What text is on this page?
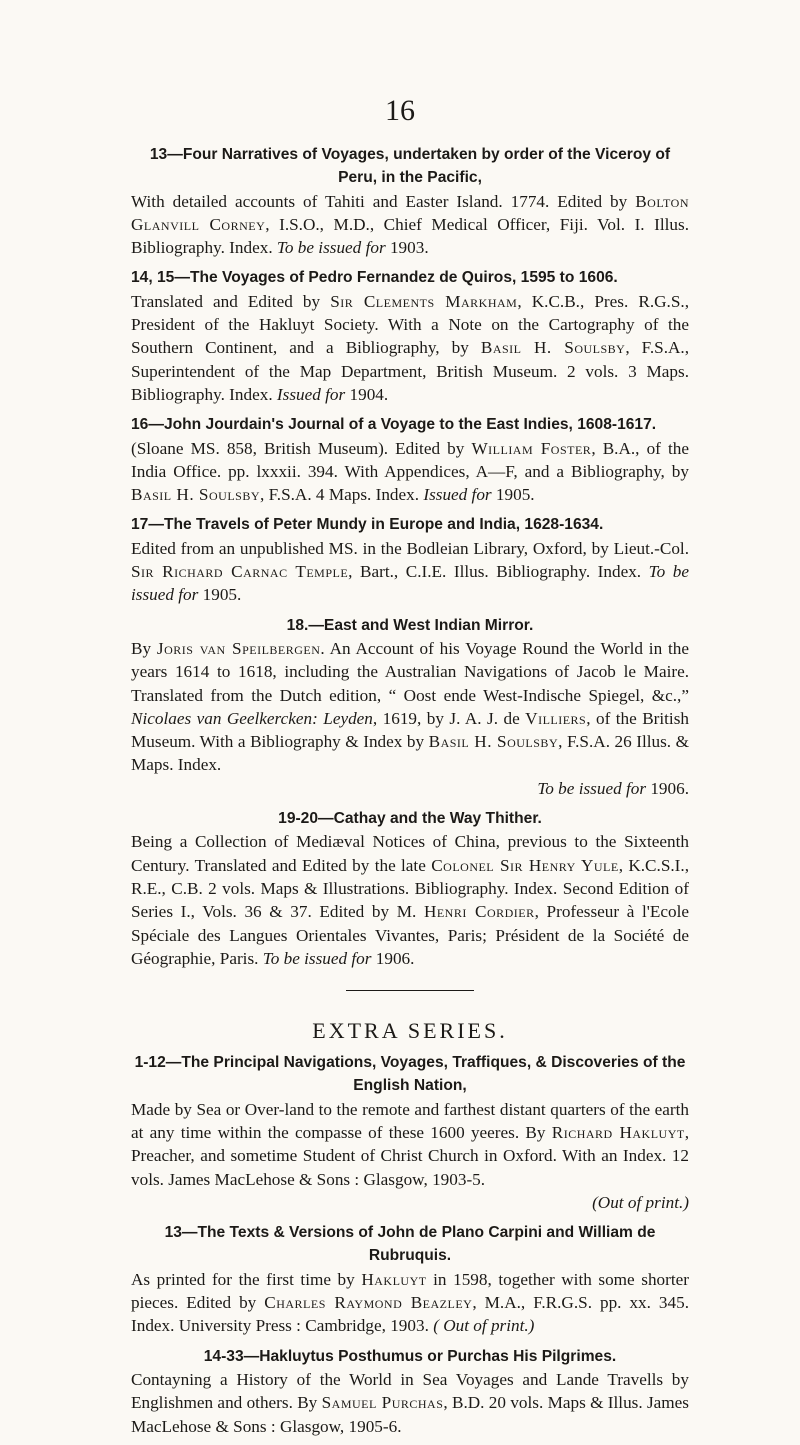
16
13—Four Narratives of Voyages, undertaken by order of the Viceroy of Peru, in the Pacific,
With detailed accounts of Tahiti and Easter Island. 1774. Edited by Bolton Glanvill Corney, I.S.O., M.D., Chief Medical Officer, Fiji. Vol. I. Illus. Bibliography. Index. To be issued for 1903.
14, 15—The Voyages of Pedro Fernandez de Quiros, 1595 to 1606.
Translated and Edited by Sir Clements Markham, K.C.B., Pres. R.G.S., President of the Hakluyt Society. With a Note on the Cartography of the Southern Continent, and a Bibliography, by Basil H. Soulsby, F.S.A., Superintendent of the Map Department, British Museum. 2 vols. 3 Maps. Bibliography. Index. Issued for 1904.
16—John Jourdain's Journal of a Voyage to the East Indies, 1608-1617.
(Sloane MS. 858, British Museum). Edited by William Foster, B.A., of the India Office. pp. lxxxii. 394. With Appendices, A—F, and a Bibliography, by Basil H. Soulsby, F.S.A. 4 Maps. Index. Issued for 1905.
17—The Travels of Peter Mundy in Europe and India, 1628-1634.
Edited from an unpublished MS. in the Bodleian Library, Oxford, by Lieut.-Col. Sir Richard Carnac Temple, Bart., C.I.E. Illus. Bibliography. Index. To be issued for 1905.
18.—East and West Indian Mirror.
By Joris van Speilbergen. An Account of his Voyage Round the World in the years 1614 to 1618, including the Australian Navigations of Jacob le Maire. Translated from the Dutch edition, “ Oost ende West-Indische Spiegel, &c.,” Nicolaes van Geelkercken: Leyden, 1619, by J. A. J. de Villiers, of the British Museum. With a Bibliography & Index by Basil H. Soulsby, F.S.A. 26 Illus. & Maps. Index.
To be issued for 1906.
19-20—Cathay and the Way Thither.
Being a Collection of Mediæval Notices of China, previous to the Sixteenth Century. Translated and Edited by the late Colonel Sir Henry Yule, K.C.S.I., R.E., C.B. 2 vols. Maps & Illustrations. Bibliography. Index. Second Edition of Series I., Vols. 36 & 37. Edited by M. Henri Cordier, Professeur à l'Ecole Spéciale des Langues Orientales Vivantes, Paris; Président de la Société de Géographie, Paris. To be issued for 1906.
EXTRA SERIES.
1-12—The Principal Navigations, Voyages, Traffiques, & Discoveries of the English Nation,
Made by Sea or Over-land to the remote and farthest distant quarters of the earth at any time within the compasse of these 1600 yeeres. By Richard Hakluyt, Preacher, and sometime Student of Christ Church in Oxford. With an Index. 12 vols. James MacLehose & Sons : Glasgow, 1903-5.
(Out of print.)
13—The Texts & Versions of John de Plano Carpini and William de Rubruquis.
As printed for the first time by Hakluyt in 1598, together with some shorter pieces. Edited by Charles Raymond Beazley, M.A., F.R.G.S. pp. xx. 345. Index. University Press : Cambridge, 1903. ( Out of print.)
14-33—Hakluytus Posthumus or Purchas His Pilgrimes.
Contayning a History of the World in Sea Voyages and Lande Travells by Englishmen and others. By Samuel Purchas, B.D. 20 vols. Maps & Illus. James MacLehose & Sons : Glasgow, 1905-6.
